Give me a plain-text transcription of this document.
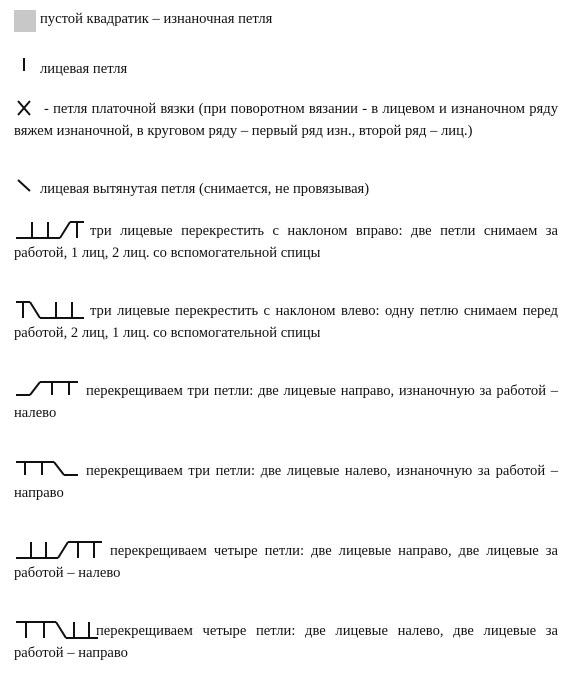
пустой квадратик – изнаночная петля

лицевая петля

- петля платочной вязки (при поворотном вязании - в лицевом и изнаночном ряду вяжем изнаночной, в круговом ряду – первый ряд изн., второй ряд – лиц.)

лицевая вытянутая петля (снимается, не провязывая)

три лицевые перекрестить с наклоном вправо: две петли снимаем за работой, 1 лиц, 2 лиц. со вспомогательной спицы

три лицевые перекрестить с наклоном влево: одну петлю снимаем перед работой, 2 лиц, 1 лиц. со вспомогательной спицы

перекрещиваем три петли: две лицевые направо, изнаночную за работой – налево

перекрещиваем три петли: две лицевые налево, изнаночную за работой – направо

перекрещиваем четыре петли: две лицевые направо, две лицевые за работой – налево

перекрещиваем четыре петли: две лицевые налево, две лицевые за работой – направо
